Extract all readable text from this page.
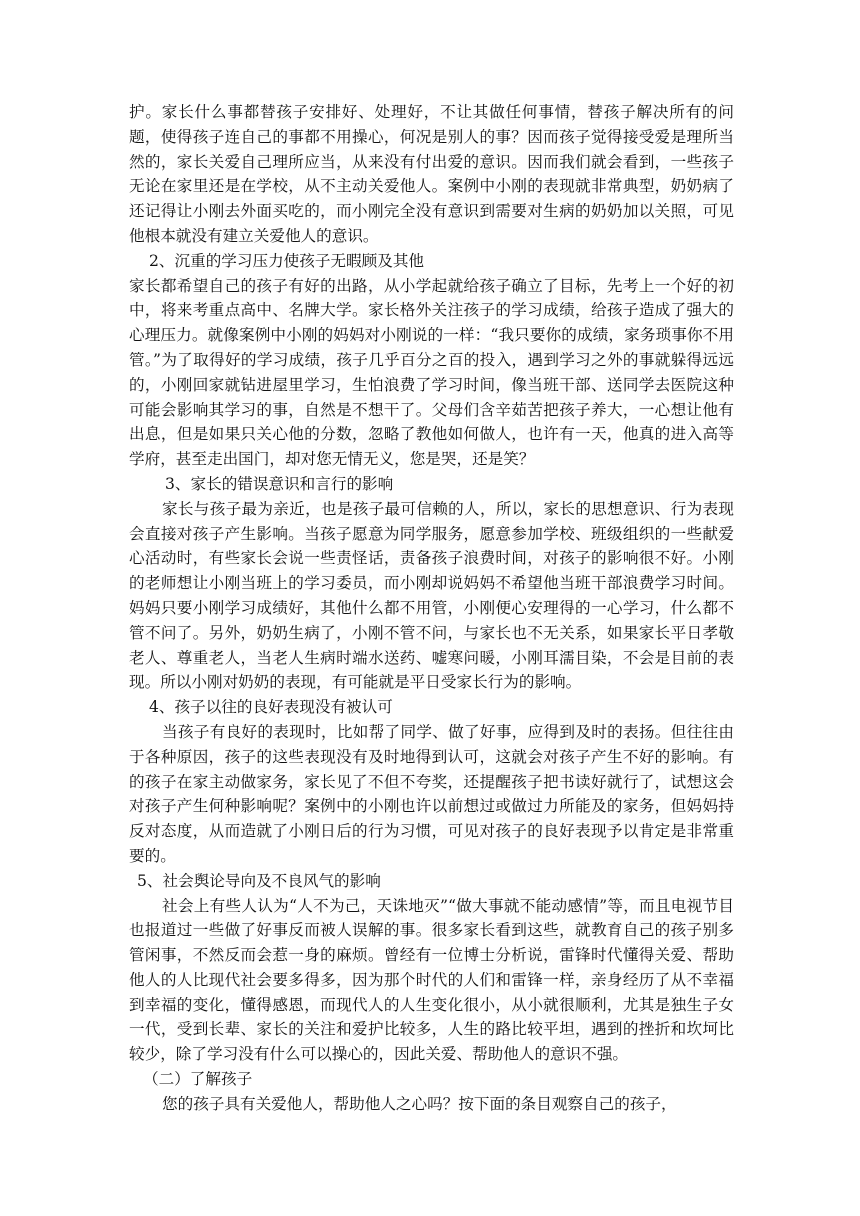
护。家长什么事都替孩子安排好、处理好，不让其做任何事情，替孩子解决所有的问题，使得孩子连自己的事都不用操心，何况是别人的事？因而孩子觉得接受爱是理所当然的，家长关爱自己理所应当，从来没有付出爱的意识。因而我们就会看到，一些孩子无论在家里还是在学校，从不主动关爱他人。案例中小刚的表现就非常典型，奶奶病了还记得让小刚去外面买吃的，而小刚完全没有意识到需要对生病的奶奶加以关照，可见他根本就没有建立关爱他人的意识。

2、沉重的学习压力使孩子无暇顾及其他

家长都希望自己的孩子有好的出路，从小学起就给孩子确立了目标，先考上一个好的初中，将来考重点高中、名牌大学。家长格外关注孩子的学习成绩，给孩子造成了强大的心理压力。就像案例中小刚的妈妈对小刚说的一样：“我只要你的成绩，家务琐事你不用管。”为了取得好的学习成绩，孩子几乎百分之百的投入，遇到学习之外的事就躲得远远的，小刚回家就钻进屋里学习，生怕浪费了学习时间，像当班干部、送同学去医院这种可能会影响其学习的事，自然是不想干了。父母们含辛茹苦把孩子养大，一心想让他有出息，但是如果只关心他的分数，忽略了教他如何做人，也许有一天，他真的进入高等学府，甚至走出国门，却对您无情无义，您是哭，还是笑？

3、家长的错误意识和言行的影响

家长与孩子最为亲近，也是孩子最可信赖的人，所以，家长的思想意识、行为表现会直接对孩子产生影响。当孩子愿意为同学服务，愿意参加学校、班级组织的一些献爱心活动时，有些家长会说一些责怪话，责备孩子浪费时间，对孩子的影响很不好。小刚的老师想让小刚当班上的学习委员，而小刚却说妈妈不希望他当班干部浪费学习时间。妈妈只要小刚学习成绩好，其他什么都不用管，小刚便心安理得的一心学习，什么都不管不问了。另外，奶奶生病了，小刚不管不问，与家长也不无关系，如果家长平日孝敬老人、尊重老人，当老人生病时端水送药、嘘寒问暖，小刚耳濡目染，不会是目前的表现。所以小刚对奶奶的表现，有可能就是平日受家长行为的影响。

4、孩子以往的良好表现没有被认可

当孩子有良好的表现时，比如帮了同学、做了好事，应得到及时的表扬。但往往由于各种原因，孩子的这些表现没有及时地得到认可，这就会对孩子产生不好的影响。有的孩子在家主动做家务，家长见了不但不夸奖，还提醒孩子把书读好就行了，试想这会对孩子产生何种影响呢？案例中的小刚也许以前想过或做过力所能及的家务，但妈妈持反对态度，从而造就了小刚日后的行为习惯，可见对孩子的良好表现予以肯定是非常重要的。

5、社会舆论导向及不良风气的影响

社会上有些人认为“人不为己，天诛地灭”“做大事就不能动感情”等，而且电视节目也报道过一些做了好事反而被人误解的事。很多家长看到这些，就教育自己的孩子别多管闲事，不然反而会惹一身的麻烦。曾经有一位博士分析说，雷锋时代懂得关爱、帮助他人的人比现代社会要多得多，因为那个时代的人们和雷锋一样，亲身经历了从不幸福到幸福的变化，懂得感恩，而现代人的人生变化很小，从小就很顺利，尤其是独生子女一代，受到长辈、家长的关注和爱护比较多，人生的路比较平坦，遇到的挫折和坎坷比较少，除了学习没有什么可以操心的，因此关爱、帮助他人的意识不强。

（二）了解孩子

您的孩子具有关爱他人，帮助他人之心吗？按下面的条目观察自己的孩子，
